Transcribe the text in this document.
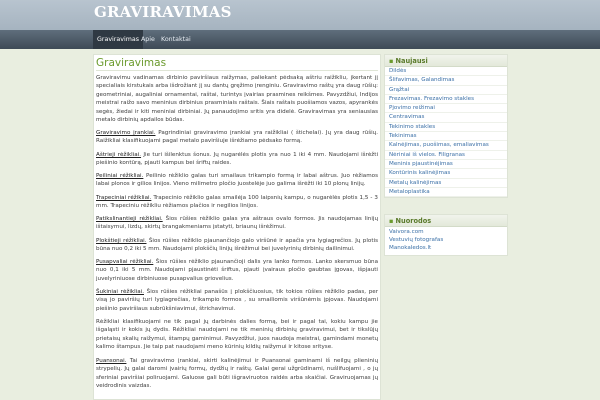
GRAVIRAVIMAS
Graviravimas Apie Kontaktai
Graviravimas
Graviravimu vadinamas dirbinio paviršiaus raižymas, paliekant pėdsaką aštriu raižikliu, įkertant jį specialiais kirstukais arba išdrožiant jį su dantų gręžimo įrenginiu. Graviravimo raštų yra daug rūšių: geometriniai, augaliniai ornamentai, raštai, turintys įvairias prasmines reikšmes. Pavyzdžiui, Indijos meistrai raižo savo meninius dirbinius prasminiais raštais. Šiais raštais puošiamos vazos, apyrankės segės, žiedai ir kiti meniniai dirbiniai. Jų panaudojimo sritis yra didelė. Graviravimas yra seniausias metalo dirbinių apdailos būdas.
Graviravimo įrankiai. Pagrindiniai graviravimo įrankiai yra raižikliai ( štichelai). Jų yra daug rūšių. Raižikliai klasifikuojami pagal metalo paviršiuje išrėžiamo pėdsako formą.
Aštrieji rėžikliai. Jie turi išilenktus šonus. Jų nugarėlės plotis yra nuo 1 iki 4 mm. Naudojami išrėžti piešinio kontūrą, pjauti kampus bei šriftų raides.
Peiliniai rėžikliai. Peilinio rėžiklio galas turi smailaus trikampio formą ir labai aštrus. Juo rėžiamos labai plonos ir gilios linijos. Vieno milimetro pločio juostelėje juo galima išrėžti iki 10 plonų linijų.
Trapeciniai rėžikliai. Trapecinio rėžiklio galas smailėja 100 laipsnių kampu, o nugarėlės plotis 1,5 - 3 mm. Trapeciniu rėžikliu rėžiamos plačios ir negilios linijos.
Patikslinantieji rėžikliai. Šios rūšies rėžiklio galas yra aštraus ovalo formos. Jis naudojamas linijų ištaisymui, lizdų, skirtų brangakmeniams įstatyti, briaunų išrėžimui.
Plokštieji rėžikliai. Šios rūšies rėžiklio pjaunančiojo galo viršūnė ir apačia yra lygiagrečios. Jų plotis būna nuo 0,2 iki 5 mm. Naudojami plokščių linijų išrėžimui bei juvelyrinių dirbinių dailinimui.
Pusapvaliai rėžikliai. Šios rūšies rėžiklio pjaunančioji dalis yra lanko formos. Lanko skersmuo būna nuo 0,1 iki 5 mm. Naudojami pjaustinėti šriftus, pjauti įvairaus pločio gaubtas įgovas, išpjauti juvelyriniuose dirbiniuose pusapvalius griovelius.
Šukiniai rėžikliai. Šios rūšies rėžikliai panašūs į plokščiuosius, tik tokios rūšies rėžiklio padas, per visą jo paviršių turi lygiagrečias, trikampio formos , su smailiomis viršūnėmis įpjovas. Naudojami piešinio paviršiaus subrūkšniavimui, štrichavimui.
Rėžikliai klasifikuojami ne tik pagal jų darbinės dalies formą, bei ir pagal tai, kokiu kampu jie išgaląsti ir kokis jų dydis. Rėžikliai naudojami ne tik meninių dirbinių graviravimui, bet ir tikslūjų prietaisų skalių raižymui, štampų gaminimui. Pavyzdžiui, juos naudoja meistrai, gamindami monetų kalimo štampus. Jie taip pat naudojami meno kūrinių kildių raižymui ir kitose srityse.
Puansonai. Tai graviravimo įrankiai, skirti kalinėjimui ir Puansonai gaminami iš neilgų plieninių strypelių. Jų galai daromi įvairių formų, dydžių ir raštų. Galai gerai užgrūdinami, nušlifuojami , o jų sferiniai paviršiai poliruojami. Galuose gali būti išgraviruotos raidės arba skaičiai. Graviruojamas jų veidrodinis vaizdas.
▪ Naujausi
Dildės
Šlifavimas, Galandimas
Grąžtai
Frezavimas. Frezavimo stakles
Pjovimo reižimai
Centravimas
Tekinimo stakles
Tekinimas
Kalnėjimas, puošimas, emaliavimas
Nėriniai iš vielos. Filigranas
Meninis pjaustinėjimas
Kontūrinis kalinėjimas
Metalų kalinėjimas
Metaloplastika
▪ Nuorodos
Vaivora.com
Vestuvių fotografas
Manokaledos.lt
